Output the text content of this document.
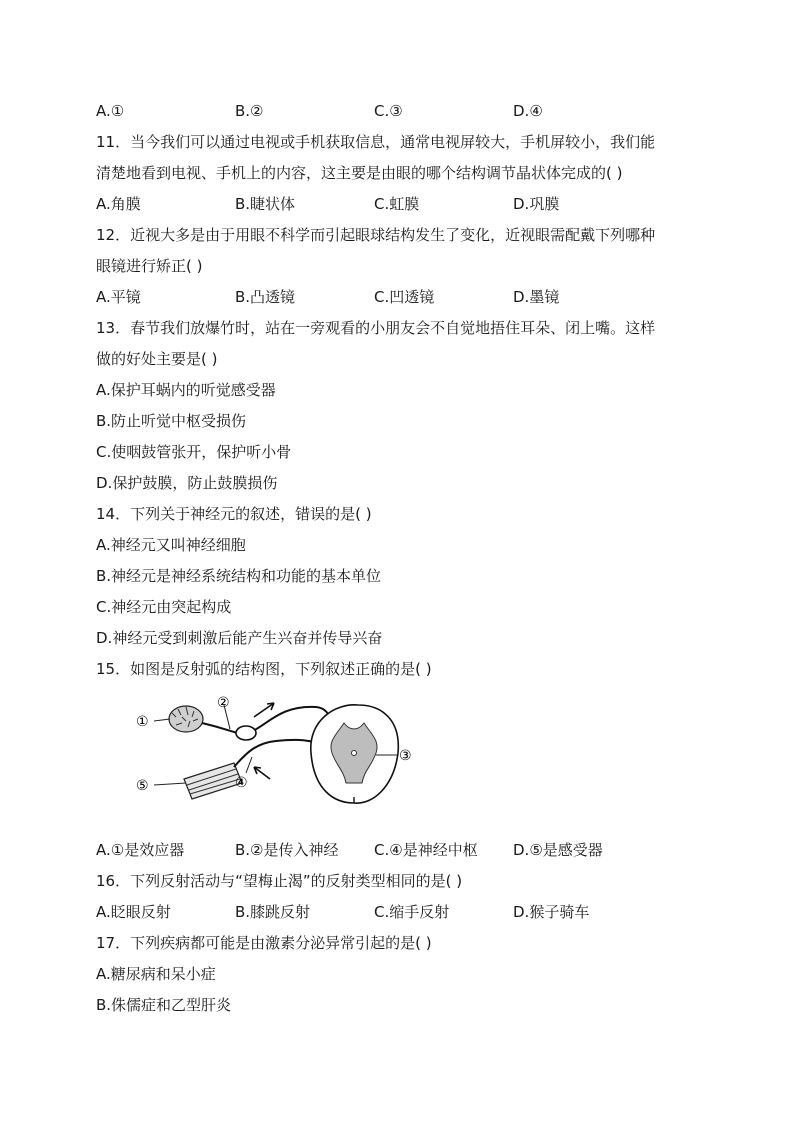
A.①	B.②	C.③	D.④
11．当今我们可以通过电视或手机获取信息，通常电视屏较大，手机屏较小，我们能
清楚地看到电视、手机上的内容，这主要是由眼的哪个结构调节晶状体完成的( )
A.角膜	B.睫状体	C.虹膜	D.巩膜
12．近视大多是由于用眼不科学而引起眼球结构发生了变化，近视眼需配戴下列哪种
眼镜进行矫正( )
A.平镜	B.凸透镜	C.凹透镜	D.墨镜
13．春节我们放爆竹时，站在一旁观看的小朋友会不自觉地捂住耳朵、闭上嘴。这样
做的好处主要是( )
A.保护耳蜗内的听觉感受器
B.防止听觉中枢受损伤
C.使咽鼓管张开，保护听小骨
D.保护鼓膜，防止鼓膜损伤
14．下列关于神经元的叙述，错误的是( )
A.神经元又叫神经细胞
B.神经元是神经系统结构和功能的基本单位
C.神经元由突起构成
D.神经元受到刺激后能产生兴奋并传导兴奋
15．如图是反射弧的结构图，下列叙述正确的是( )
①
②
③
④
⑤
A.①是效应器	B.②是传入神经	C.④是神经中枢	D.⑤是感受器
16．下列反射活动与“望梅止渴”的反射类型相同的是( )
A.眨眼反射	B.膝跳反射	C.缩手反射	D.猴子骑车
17．下列疾病都可能是由激素分泌异常引起的是( )
A.糖尿病和呆小症
B.侏儒症和乙型肝炎
